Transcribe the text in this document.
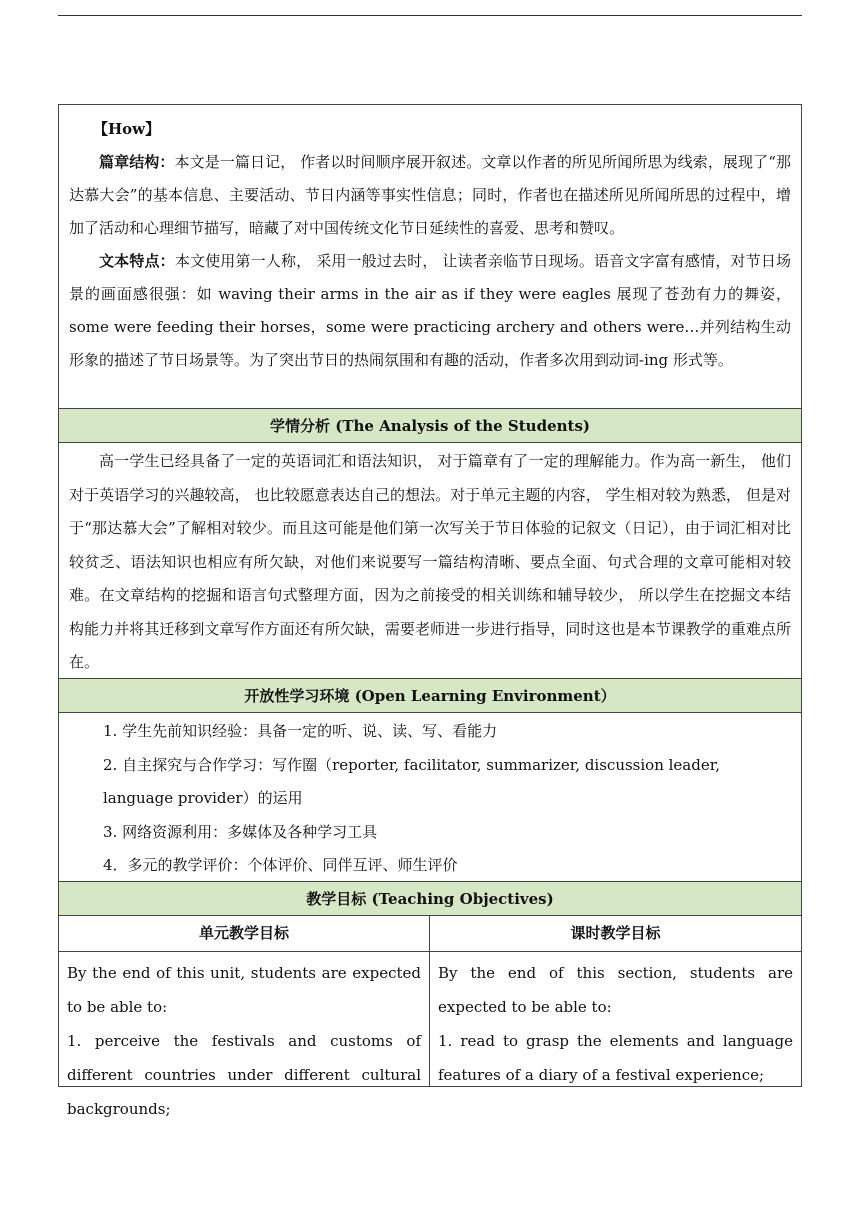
【How】

篇章结构：本文是一篇日记， 作者以时间顺序展开叙述。文章以作者的所见所闻所思为线索，展现了“那达慕大会”的基本信息、主要活动、节日内涵等事实性信息；同时，作者也在描述所见所闻所思的过程中，增加了活动和心理细节描写，暗藏了对中国传统文化节日延续性的喜爱、思考和赞叹。

文本特点：本文使用第一人称， 采用一般过去时， 让读者亲临节日现场。语音文字富有感情，对节日场景的画面感很强：如 waving their arms in the air as if they were eagles 展现了苍劲有力的舞姿，some were feeding their horses，some were practicing archery and others were…并列结构生动形象的描述了节日场景等。为了突出节日的热闹氛围和有趣的活动，作者多次用到动词-ing 形式等。

学情分析 (The Analysis of the Students)

高一学生已经具备了一定的英语词汇和语法知识， 对于篇章有了一定的理解能力。作为高一新生， 他们对于英语学习的兴趣较高， 也比较愿意表达自己的想法。对于单元主题的内容， 学生相对较为熟悉， 但是对于“那达慕大会”了解相对较少。而且这可能是他们第一次写关于节日体验的记叙文（日记），由于词汇相对比较贫乏、语法知识也相应有所欠缺，对他们来说要写一篇结构清晰、要点全面、句式合理的文章可能相对较难。在文章结构的挖掘和语言句式整理方面，因为之前接受的相关训练和辅导较少， 所以学生在挖掘文本结构能力并将其迁移到文章写作方面还有所欠缺，需要老师进一步进行指导，同时这也是本节课教学的重难点所在。

开放性学习环境 (Open Learning Environment）

1. 学生先前知识经验：具备一定的听、说、读、写、看能力

2. 自主探究与合作学习：写作圈（reporter, facilitator, summarizer, discussion leader, language provider）的运用

3. 网络资源利用：多媒体及各种学习工具

4．多元的教学评价：个体评价、同伴互评、师生评价

教学目标 (Teaching Objectives)
单元教学目标	课时教学目标

By the end of this unit, students are expected to be able to:

1. perceive the festivals and customs of different countries under different cultural backgrounds;

By the end of this section, students are expected to be able to:

1. read to grasp the elements and language features of a diary of a festival experience;
